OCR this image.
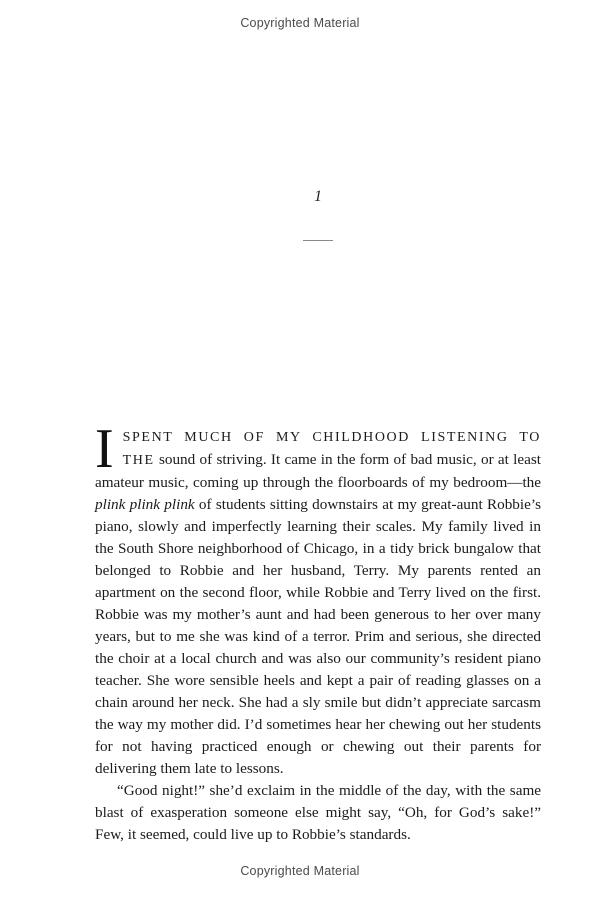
Copyrighted Material
1

I SPENT MUCH OF MY CHILDHOOD LISTENING TO THE sound of striving. It came in the form of bad music, or at least amateur music, coming up through the floorboards of my bedroom—the plink plink plink of students sitting downstairs at my great-aunt Robbie’s piano, slowly and imperfectly learning their scales. My family lived in the South Shore neighborhood of Chicago, in a tidy brick bungalow that belonged to Robbie and her husband, Terry. My parents rented an apartment on the second floor, while Robbie and Terry lived on the first. Robbie was my mother’s aunt and had been generous to her over many years, but to me she was kind of a terror. Prim and serious, she directed the choir at a local church and was also our community’s resident piano teacher. She wore sensible heels and kept a pair of reading glasses on a chain around her neck. She had a sly smile but didn’t appreciate sarcasm the way my mother did. I’d sometimes hear her chewing out her students for not having practiced enough or chewing out their parents for delivering them late to lessons.

“Good night!” she’d exclaim in the middle of the day, with the same blast of exasperation someone else might say, “Oh, for God’s sake!” Few, it seemed, could live up to Robbie’s standards.

Copyrighted Material
